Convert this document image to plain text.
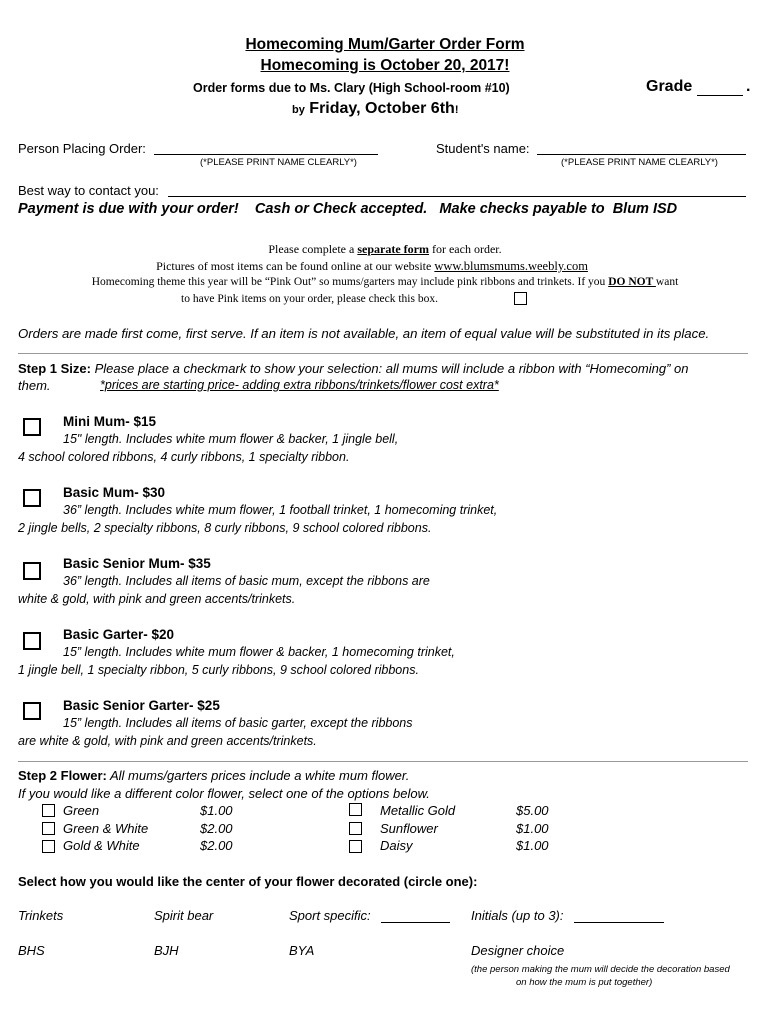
Homecoming Mum/Garter Order Form
Homecoming is October 20, 2017!
Order forms due to Ms. Clary (High School-room #10)	Grade	.
by Friday, October 6th!
Person Placing Order:
(*PLEASE PRINT NAME CLEARLY*)
Student's name:
(*PLEASE PRINT NAME CLEARLY*)
Best way to contact you:
Payment is due with your order!    Cash or Check accepted.   Make checks payable to  Blum ISD
Please complete a separate form for each order.
Pictures of most items can be found online at our website www.blumsmums.weebly.com
Homecoming theme this year will be “Pink Out” so mums/garters may include pink ribbons and trinkets. If you DO NOT want
to have Pink items on your order, please check this box.
Orders are made first come, first serve. If an item is not available, an item of equal value will be substituted in its place.
Step 1 Size: Please place a checkmark to show your selection: all mums will include a ribbon with “Homecoming” on
them.	*prices are starting price- adding extra ribbons/trinkets/flower cost extra*
Mini Mum- $15
15" length. Includes white mum flower & backer, 1 jingle bell,
4 school colored ribbons, 4 curly ribbons, 1 specialty ribbon.
Basic Mum- $30
36” length. Includes white mum flower, 1 football trinket, 1 homecoming trinket,
2 jingle bells, 2 specialty ribbons, 8 curly ribbons, 9 school colored ribbons.
Basic Senior Mum- $35
36” length. Includes all items of basic mum, except the ribbons are
white & gold, with pink and green accents/trinkets.
Basic Garter- $20
15” length. Includes white mum flower & backer, 1 homecoming trinket,
1 jingle bell, 1 specialty ribbon, 5 curly ribbons, 9 school colored ribbons.
Basic Senior Garter- $25
15” length. Includes all items of basic garter, except the ribbons
are white & gold, with pink and green accents/trinkets.
Step 2 Flower: All mums/garters prices include a white mum flower.
If you would like a different color flower, select one of the options below.
Green	$1.00
Green & White	$2.00
Gold & White	$2.00
Metallic Gold	$5.00
Sunflower	$1.00
Daisy	$1.00
Select how you would like the center of your flower decorated (circle one):
Trinkets	Spirit bear	Sport specific:	Initials (up to 3):
BHS	BJH	BYA	Designer choice
(the person making the mum will decide the decoration based
on how the mum is put together)
